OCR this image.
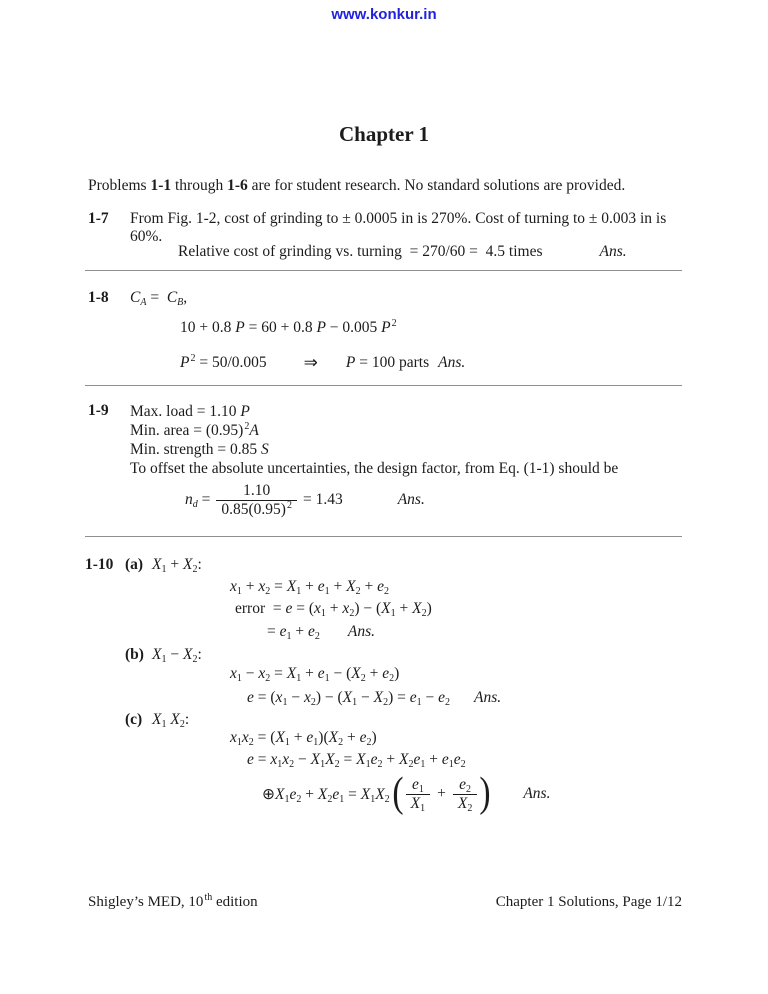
www.konkur.in
Chapter 1
Problems 1-1 through 1-6 are for student research. No standard solutions are provided.
1-7 From Fig. 1-2, cost of grinding to ± 0.0005 in is 270%. Cost of turning to ± 0.003 in is
60%.
Relative cost of grinding vs. turning  = 270/60 =  4.5 times	Ans.
1-8 $C_A = C_B$,
10 + 0.8 P = 60 + 0.8 P − 0.005 $P^2$
$P^2 = 50/0.005$ ⇒ P = 100 parts Ans.
1-9 Max. load = 1.10 P
Min. area = $(0.95)^2A$
Min. strength = 0.85 S
To offset the absolute uncertainties, the design factor, from Eq. (1-1) should be
$n_d = \frac{1.10}{0.85(0.95)^2} = 1.43$	Ans.
1-10 (a) $X_1 + X_2$:
$x_1 + x_2 = X_1 + e_1 + X_2 + e_2$
error  = $e = (x_1 + x_2) - (X_1 + X_2)$
= $e_1 + e_2$ Ans.
(b) $X_1 - X_2$:
$x_1 - x_2 = X_1 + e_1 - (X_2 + e_2)$
$e = (x_1 - x_2) - (X_1 - X_2) = e_1 - e_2$ Ans.
(c) $X_1$ $X_2$:
$x_1x_2 = (X_1 + e_1)(X_2 + e_2)$
$e = x_1x_2 - X_1X_2 = X_1e_2 + X_2e_1 + e_1e_2$
$\oplus X_1e_2 + X_2e_1 = X_1X_2$ ( $\frac{e_1}{X_1} + \frac{e_2}{X_2}$ ) Ans.
Shigley’s MED, 10th edition	Chapter 1 Solutions, Page 1/12
